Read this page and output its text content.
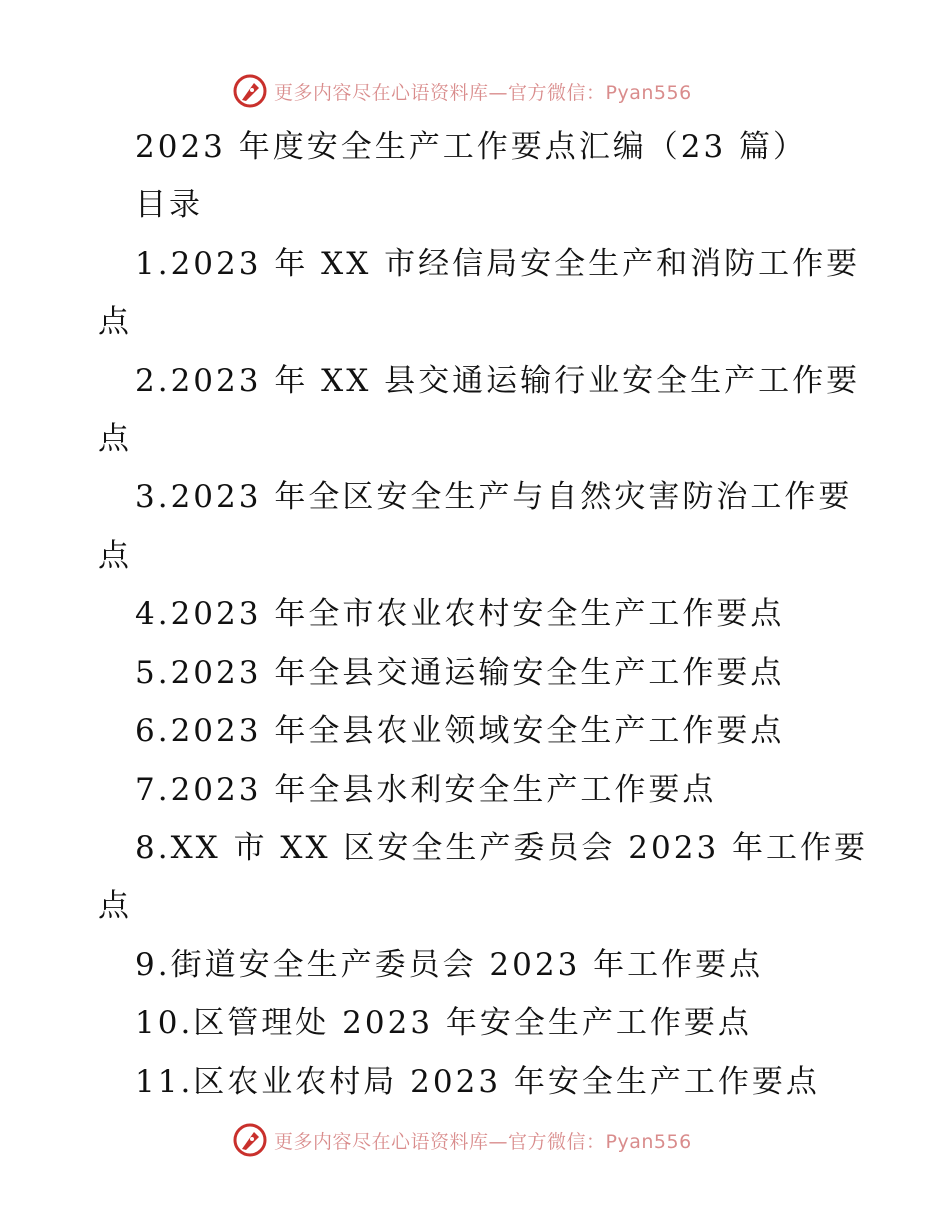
更多内容尽在心语资料库—官方微信：Pyan556
2023 年度安全生产工作要点汇编（23 篇）
目录
1.2023 年 XX 市经信局安全生产和消防工作要
点
2.2023 年 XX 县交通运输行业安全生产工作要
点
3.2023 年全区安全生产与自然灾害防治工作要
点
4.2023 年全市农业农村安全生产工作要点
5.2023 年全县交通运输安全生产工作要点
6.2023 年全县农业领域安全生产工作要点
7.2023 年全县水利安全生产工作要点
8.XX 市 XX 区安全生产委员会 2023 年工作要
点
9.街道安全生产委员会 2023 年工作要点
10.区管理处 2023 年安全生产工作要点
11.区农业农村局 2023 年安全生产工作要点
更多内容尽在心语资料库—官方微信：Pyan556
